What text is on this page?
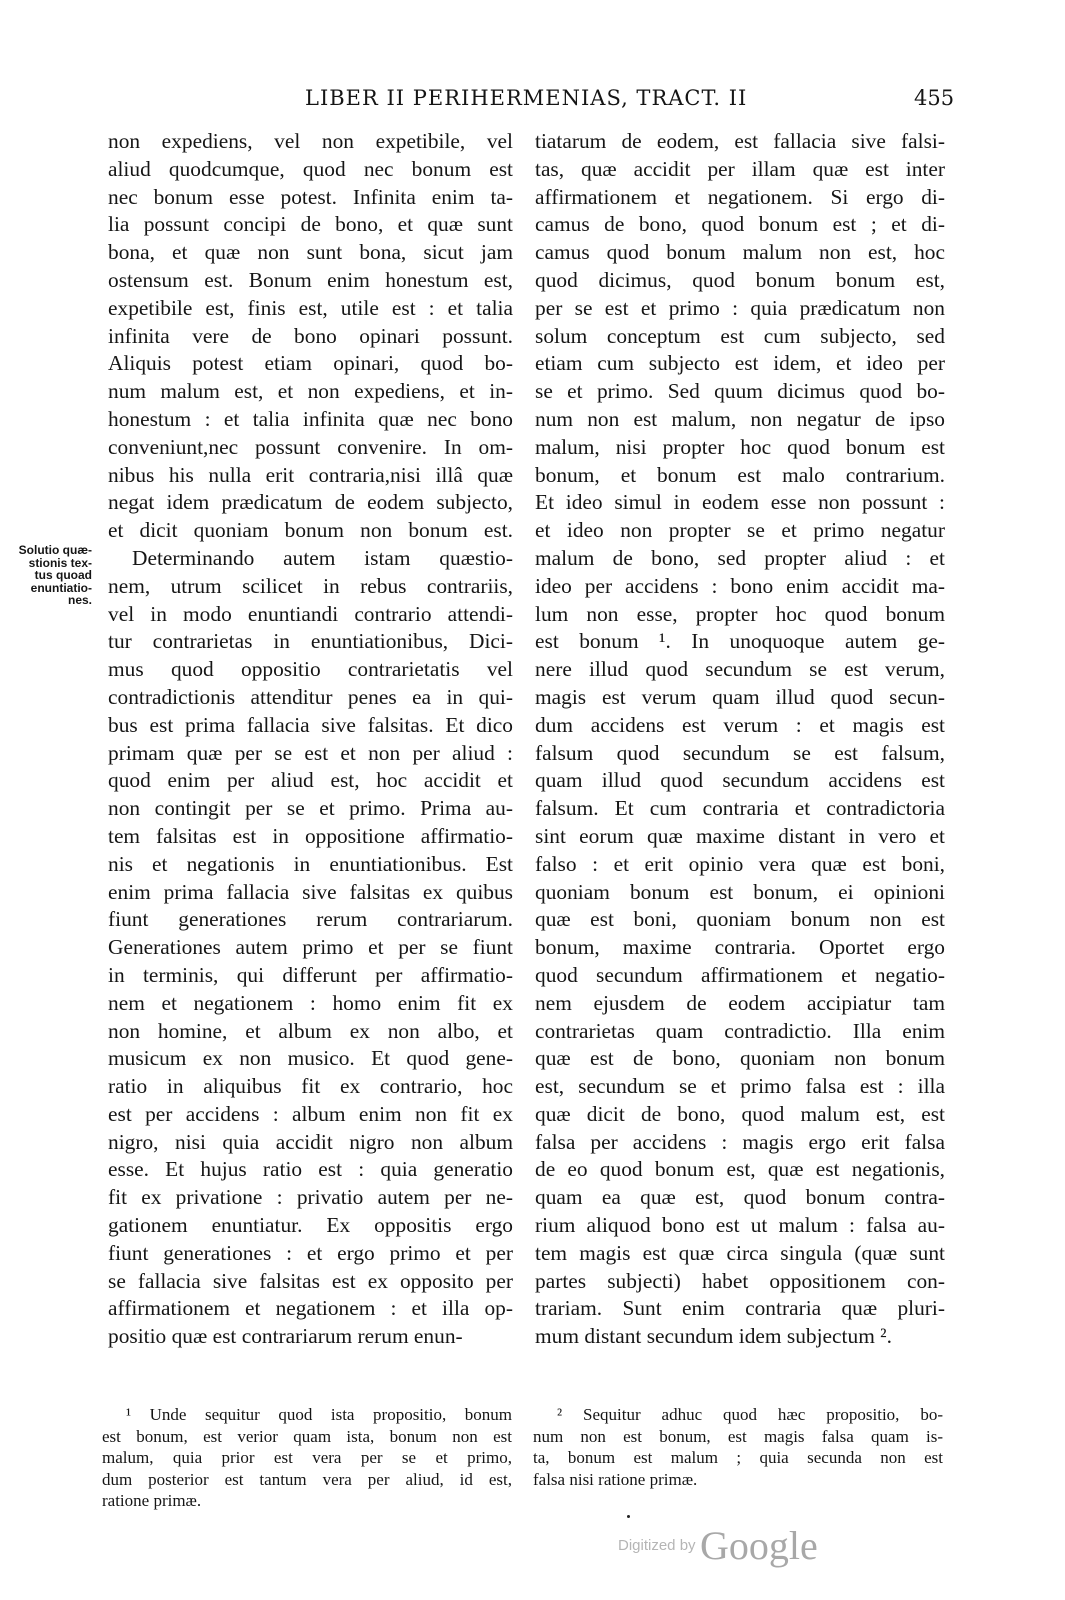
LIBER II PERIHERMENIAS, TRACT. II	455
Solutio quæ-
stionis tex-
tus quoad
enuntiatio-
nes.
non expediens, vel non expetibile, vel
aliud quodcumque, quod nec bonum est
nec bonum esse potest. Infinita enim ta-
lia possunt concipi de bono, et quæ sunt
bona, et quæ non sunt bona, sicut jam
ostensum est. Bonum enim honestum est,
expetibile est, finis est, utile est : et talia
infinita vere de bono opinari possunt.
Aliquis potest etiam opinari, quod bo-
num malum est, et non expediens, et in-
honestum : et talia infinita quæ nec bono
conveniunt,nec possunt convenire. In om-
nibus his nulla erit contraria,nisi illâ quæ
negat idem prædicatum de eodem subjecto,
et dicit quoniam bonum non bonum est.
Determinando autem istam quæstio-
nem, utrum scilicet in rebus contrariis,
vel in modo enuntiandi contrario attendi-
tur contrarietas in enuntiationibus, Dici-
mus quod oppositio contrarietatis vel
contradictionis attenditur penes ea in qui-
bus est prima fallacia sive falsitas. Et dico
primam quæ per se est et non per aliud :
quod enim per aliud est, hoc accidit et
non contingit per se et primo. Prima au-
tem falsitas est in oppositione affirmatio-
nis et negationis in enuntiationibus. Est
enim prima fallacia sive falsitas ex quibus
fiunt generationes rerum contrariarum.
Generationes autem primo et per se fiunt
in terminis, qui differunt per affirmatio-
nem et negationem : homo enim fit ex
non homine, et album ex non albo, et
musicum ex non musico. Et quod gene-
ratio in aliquibus fit ex contrario, hoc
est per accidens : album enim non fit ex
nigro, nisi quia accidit nigro non album
esse. Et hujus ratio est : quia generatio
fit ex privatione : privatio autem per ne-
gationem enuntiatur. Ex oppositis ergo
fiunt generationes : et ergo primo et per
se fallacia sive falsitas est ex opposito per
affirmationem et negationem : et illa op-
positio quæ est contrariarum rerum enun-
tiatarum de eodem, est fallacia sive falsi-
tas, quæ accidit per illam quæ est inter
affirmationem et negationem. Si ergo di-
camus de bono, quod bonum est ; et di-
camus quod bonum malum non est, hoc
quod dicimus, quod bonum bonum est,
per se est et primo : quia prædicatum non
solum conceptum est cum subjecto, sed
etiam cum subjecto est idem, et ideo per
se et primo. Sed quum dicimus quod bo-
num non est malum, non negatur de ipso
malum, nisi propter hoc quod bonum est
bonum, et bonum est malo contrarium.
Et ideo simul in eodem esse non possunt :
et ideo non propter se et primo negatur
malum de bono, sed propter aliud : et
ideo per accidens : bono enim accidit ma-
lum non esse, propter hoc quod bonum
est bonum ¹. In unoquoque autem ge-
nere illud quod secundum se est verum,
magis est verum quam illud quod secun-
dum accidens est verum : et magis est
falsum quod secundum se est falsum,
quam illud quod secundum accidens est
falsum. Et cum contraria et contradictoria
sint eorum quæ maxime distant in vero et
falso : et erit opinio vera quæ est boni,
quoniam bonum est bonum, ei opinioni
quæ est boni, quoniam bonum non est
bonum, maxime contraria. Oportet ergo
quod secundum affirmationem et negatio-
nem ejusdem de eodem accipiatur tam
contrarietas quam contradictio. Illa enim
quæ est de bono, quoniam non bonum
est, secundum se et primo falsa est : illa
quæ dicit de bono, quod malum est, est
falsa per accidens : magis ergo erit falsa
de eo quod bonum est, quæ est negationis,
quam ea quæ est, quod bonum contra-
rium aliquod bono est ut malum : falsa au-
tem magis est quæ circa singula (quæ sunt
partes subjecti) habet oppositionem con-
trariam. Sunt enim contraria quæ pluri-
mum distant secundum idem subjectum ².
¹ Unde sequitur quod ista propositio, bonum
est bonum, est verior quam ista, bonum non est
malum, quia prior est vera per se et primo,
dum posterior est tantum vera per aliud, id est,
ratione primæ.
² Sequitur adhuc quod hæc propositio, bo-
num non est bonum, est magis falsa quam is-
ta, bonum est malum ; quia secunda non est
falsa nisi ratione primæ.
Digitized by Google
